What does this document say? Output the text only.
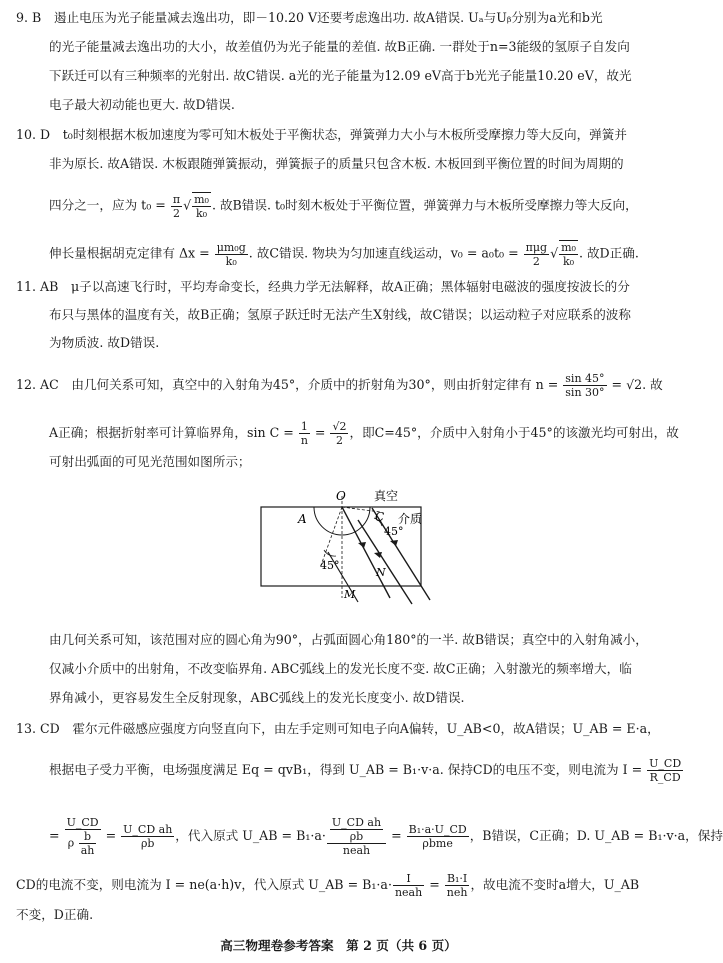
9. B　遏止电压为光子能量减去逸出功，即－10.20 V还要考虑逸出功. 故A错误. Uₐ与Uᵦ分别为a光和b光
的光子能量减去逸出功的大小，故差值仍为光子能量的差值. 故B正确. 一群处于n=3能级的氢原子自发向
下跃迁可以有三种频率的光射出. 故C错误. a光的光子能量为12.09 eV高于b光光子能量10.20 eV，故光
电子最大初动能也更大. 故D错误.
10. D　t₀时刻根据木板加速度为零可知木板处于平衡状态，弹簧弹力大小与木板所受摩擦力等大反向，弹簧并
非为原长. 故A错误. 木板跟随弹簧振动，弹簧振子的质量只包含木板. 木板回到平衡位置的时间为周期的
四分之一，应为 $t_0 = \frac{\pi}{2}$ √ $\frac{\text{m₀}}{\text{k₀}}$ . 故B错误. t₀时刻木板处于平衡位置，弹簧弹力与木板所受摩擦力等大反向，
伸长量根据胡克定律有 $\Delta x = \frac{\text{μm₀g}}{\text{k₀}}$ . 故C错误. 物块为匀加速直线运动，$v_0 = a_0t_0 = \frac{\text{πμg}}{2}$ √ $\frac{\text{m₀}}{\text{k₀}}$ . 故D正确.
11. AB　μ子以高速飞行时，平均寿命变长，经典力学无法解释，故A正确；黑体辐射电磁波的强度按波长的分
布只与黑体的温度有关，故B正确；氢原子跃迁时无法产生X射线，故C错误；以运动粒子对应联系的波称
为物质波. 故D错误.
12. AC　由几何关系可知，真空中的入射角为45°，介质中的折射角为30°，则由折射定律有 $n = \frac{\sin 45^\circ}{\sin 30^\circ} = √2$. 故
A正确；根据折射率可计算临界角，$\sin C = \frac{1}{n} = \frac{√2}{2}$ ，即C=45°，介质中入射角小于45°的该激光均可射出，故
可射出弧面的可见光范围如图所示；
O 真空
A	C 介质
45°
45°
N
M
由几何关系可知，该范围对应的圆心角为90°，占弧面圆心角180°的一半. 故B错误；真空中的入射角减小，
仅减小介质中的出射角，不改变临界角. ABC弧线上的发光长度不变. 故C正确；入射激光的频率增大，临
界角减小，更容易发生全反射现象，ABC弧线上的发光长度变小. 故D错误.
13. CD　霍尔元件磁感应强度方向竖直向下，由左手定则可知电子向A偏转，U_AB<0，故A错误；U_AB = E·a，
根据电子受力平衡，电场强度满足 Eq = qvB₁，得到 U_AB = B₁·v·a. 保持CD的电压不变，则电流为 $I = \frac{U\_CD}{R\_CD}$
= $\frac{U\_CD}{\rho \frac{b}{ah}} = \frac{\text{U\_CD ah}}{\rho b}$ ，代入原式 U_AB = $B_1\cdot a\cdot \frac{\frac{\text{U\_CD ah}}{\rho b}}{\text{neah}} = \frac{\text{B₁·a·U\_CD}}{\text{ρbme}}$ ，B错误，C正确；D. U_AB = B₁·v·a，保持
CD的电流不变，则电流为 I = ne(a·h)v，代入原式 U_AB = $B_1\cdot a\cdot \frac{I}{\text{neah}} = \frac{\text{B₁·I}}{\text{neh}}$ ，故电流不变时a增大，U_AB
不变，D正确.
高三物理卷参考答案　第 2 页（共 6 页）
